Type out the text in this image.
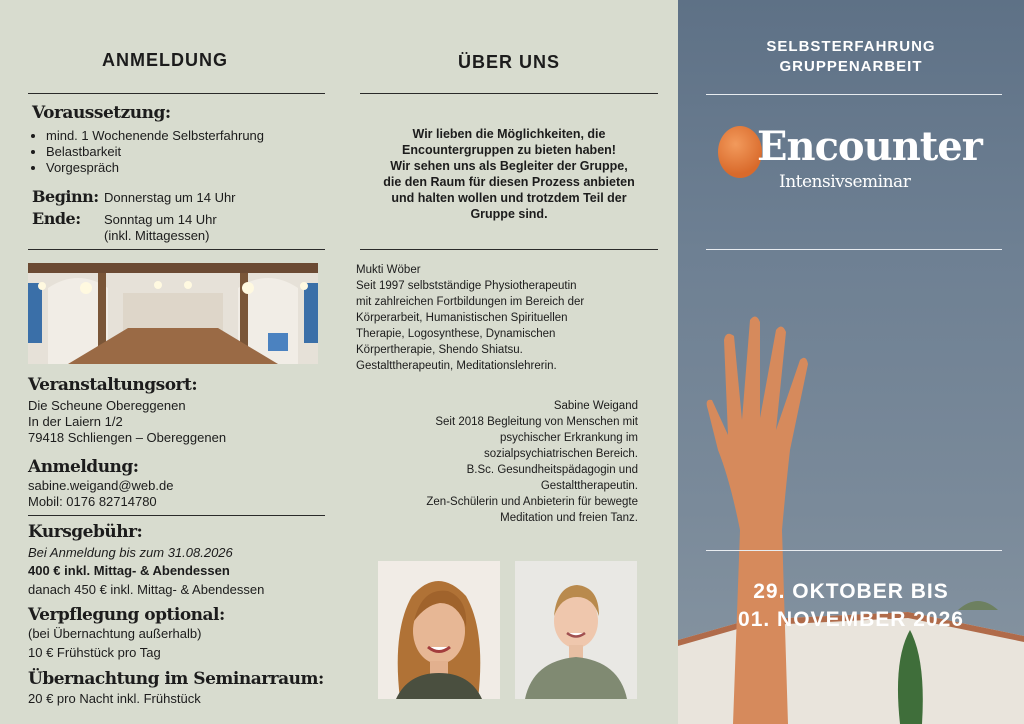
ANMELDUNG
Voraussetzung:
• mind. 1 Wochenende Selbsterfahrung
• Belastbarkeit
• Vorgespräch
Beginn: Donnerstag um 14 Uhr
Ende: Sonntag um 14 Uhr
(inkl. Mittagessen)
Veranstaltungsort:
Die Scheune Obereggenen
In der Laiern 1/2
79418 Schliengen – Obereggenen
Anmeldung:
sabine.weigand@web.de
Mobil: 0176 82714780
Kursgebühr:
Bei Anmeldung bis zum 31.08.2026
400 € inkl. Mittag- & Abendessen
danach 450 € inkl. Mittag- & Abendessen
Verpflegung optional:
(bei Übernachtung außerhalb)
10 € Frühstück pro Tag
Übernachtung im Seminarraum:
20 € pro Nacht inkl. Frühstück
ÜBER UNS
Wir lieben die Möglichkeiten, die
Encountergruppen zu bieten haben!
Wir sehen uns als Begleiter der Gruppe,
die den Raum für diesen Prozess anbieten
und halten wollen und trotzdem Teil der
Gruppe sind.
Mukti Wöber
Seit 1997 selbstständige Physiotherapeutin
mit zahlreichen Fortbildungen im Bereich der
Körperarbeit, Humanistischen Spirituellen
Therapie, Logosynthese, Dynamischen
Körpertherapie, Shendo Shiatsu.
Gestalttherapeutin, Meditationslehrerin.
Sabine Weigand
Seit 2018 Begleitung von Menschen mit
psychischer Erkrankung im
sozialpsychiatrischen Bereich.
B.Sc. Gesundheitspädagogin und
Gestalttherapeutin.
Zen-Schülerin und Anbieterin für bewegte
Meditation und freien Tanz.
SELBSTERFAHRUNG
GRUPPENARBEIT
Encounter
Intensivseminar
29. OKTOBER BIS
01. NOVEMBER 2026
